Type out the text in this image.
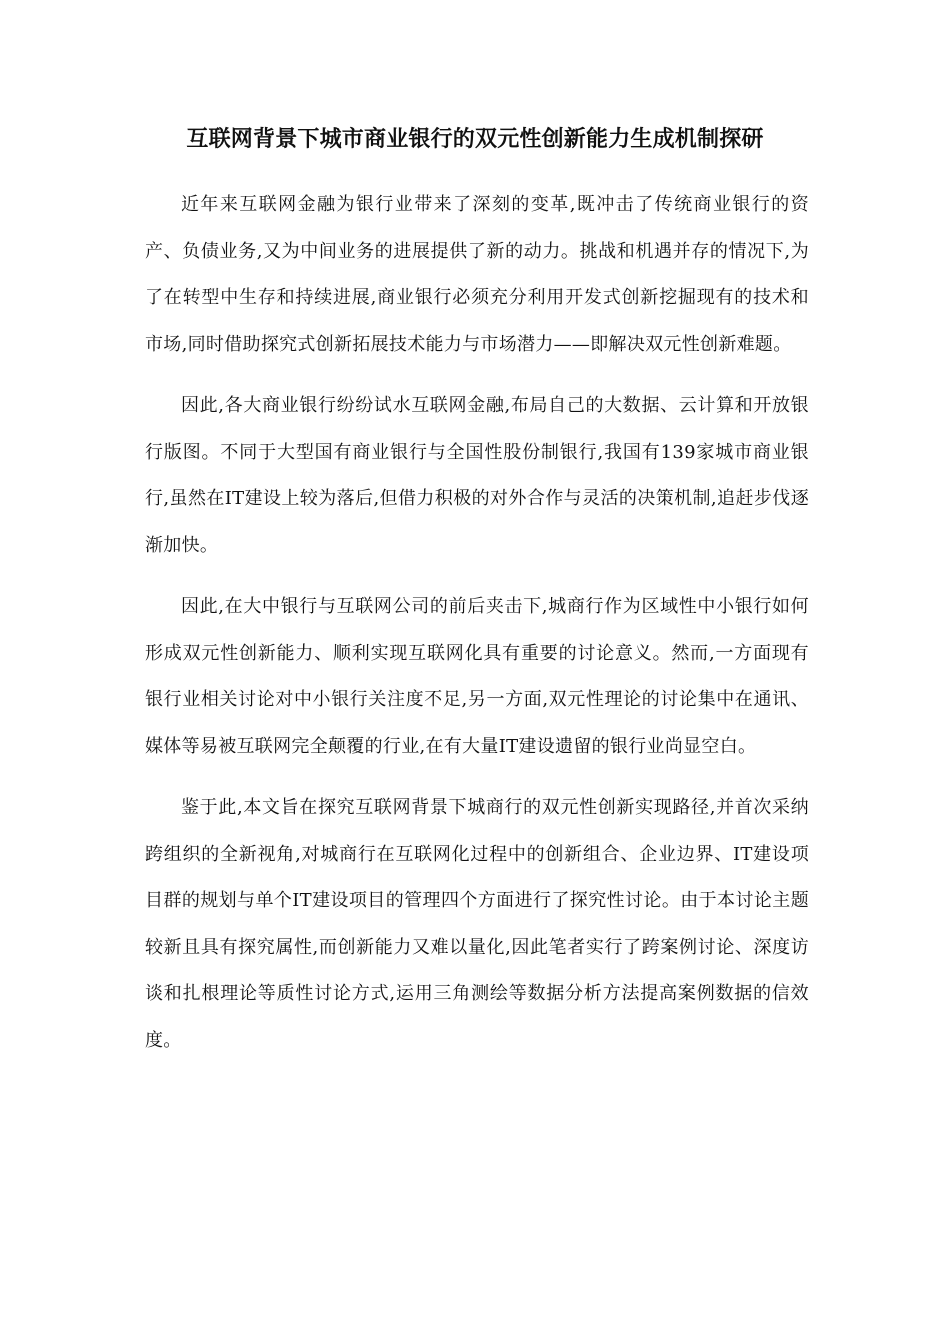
互联网背景下城市商业银行的双元性创新能力生成机制探研

近年来互联网金融为银行业带来了深刻的变革,既冲击了传统商业银行的资产、负债业务,又为中间业务的进展提供了新的动力。挑战和机遇并存的情况下,为了在转型中生存和持续进展,商业银行必须充分利用开发式创新挖掘现有的技术和市场,同时借助探究式创新拓展技术能力与市场潜力——即解决双元性创新难题。

因此,各大商业银行纷纷试水互联网金融,布局自己的大数据、云计算和开放银行版图。不同于大型国有商业银行与全国性股份制银行,我国有139家城市商业银行,虽然在IT建设上较为落后,但借力积极的对外合作与灵活的决策机制,追赶步伐逐渐加快。

因此,在大中银行与互联网公司的前后夹击下,城商行作为区域性中小银行如何形成双元性创新能力、顺利实现互联网化具有重要的讨论意义。然而,一方面现有银行业相关讨论对中小银行关注度不足,另一方面,双元性理论的讨论集中在通讯、媒体等易被互联网完全颠覆的行业,在有大量IT建设遗留的银行业尚显空白。

鉴于此,本文旨在探究互联网背景下城商行的双元性创新实现路径,并首次采纳跨组织的全新视角,对城商行在互联网化过程中的创新组合、企业边界、IT建设项目群的规划与单个IT建设项目的管理四个方面进行了探究性讨论。由于本讨论主题较新且具有探究属性,而创新能力又难以量化,因此笔者实行了跨案例讨论、深度访谈和扎根理论等质性讨论方式,运用三角测绘等数据分析方法提高案例数据的信效度。
